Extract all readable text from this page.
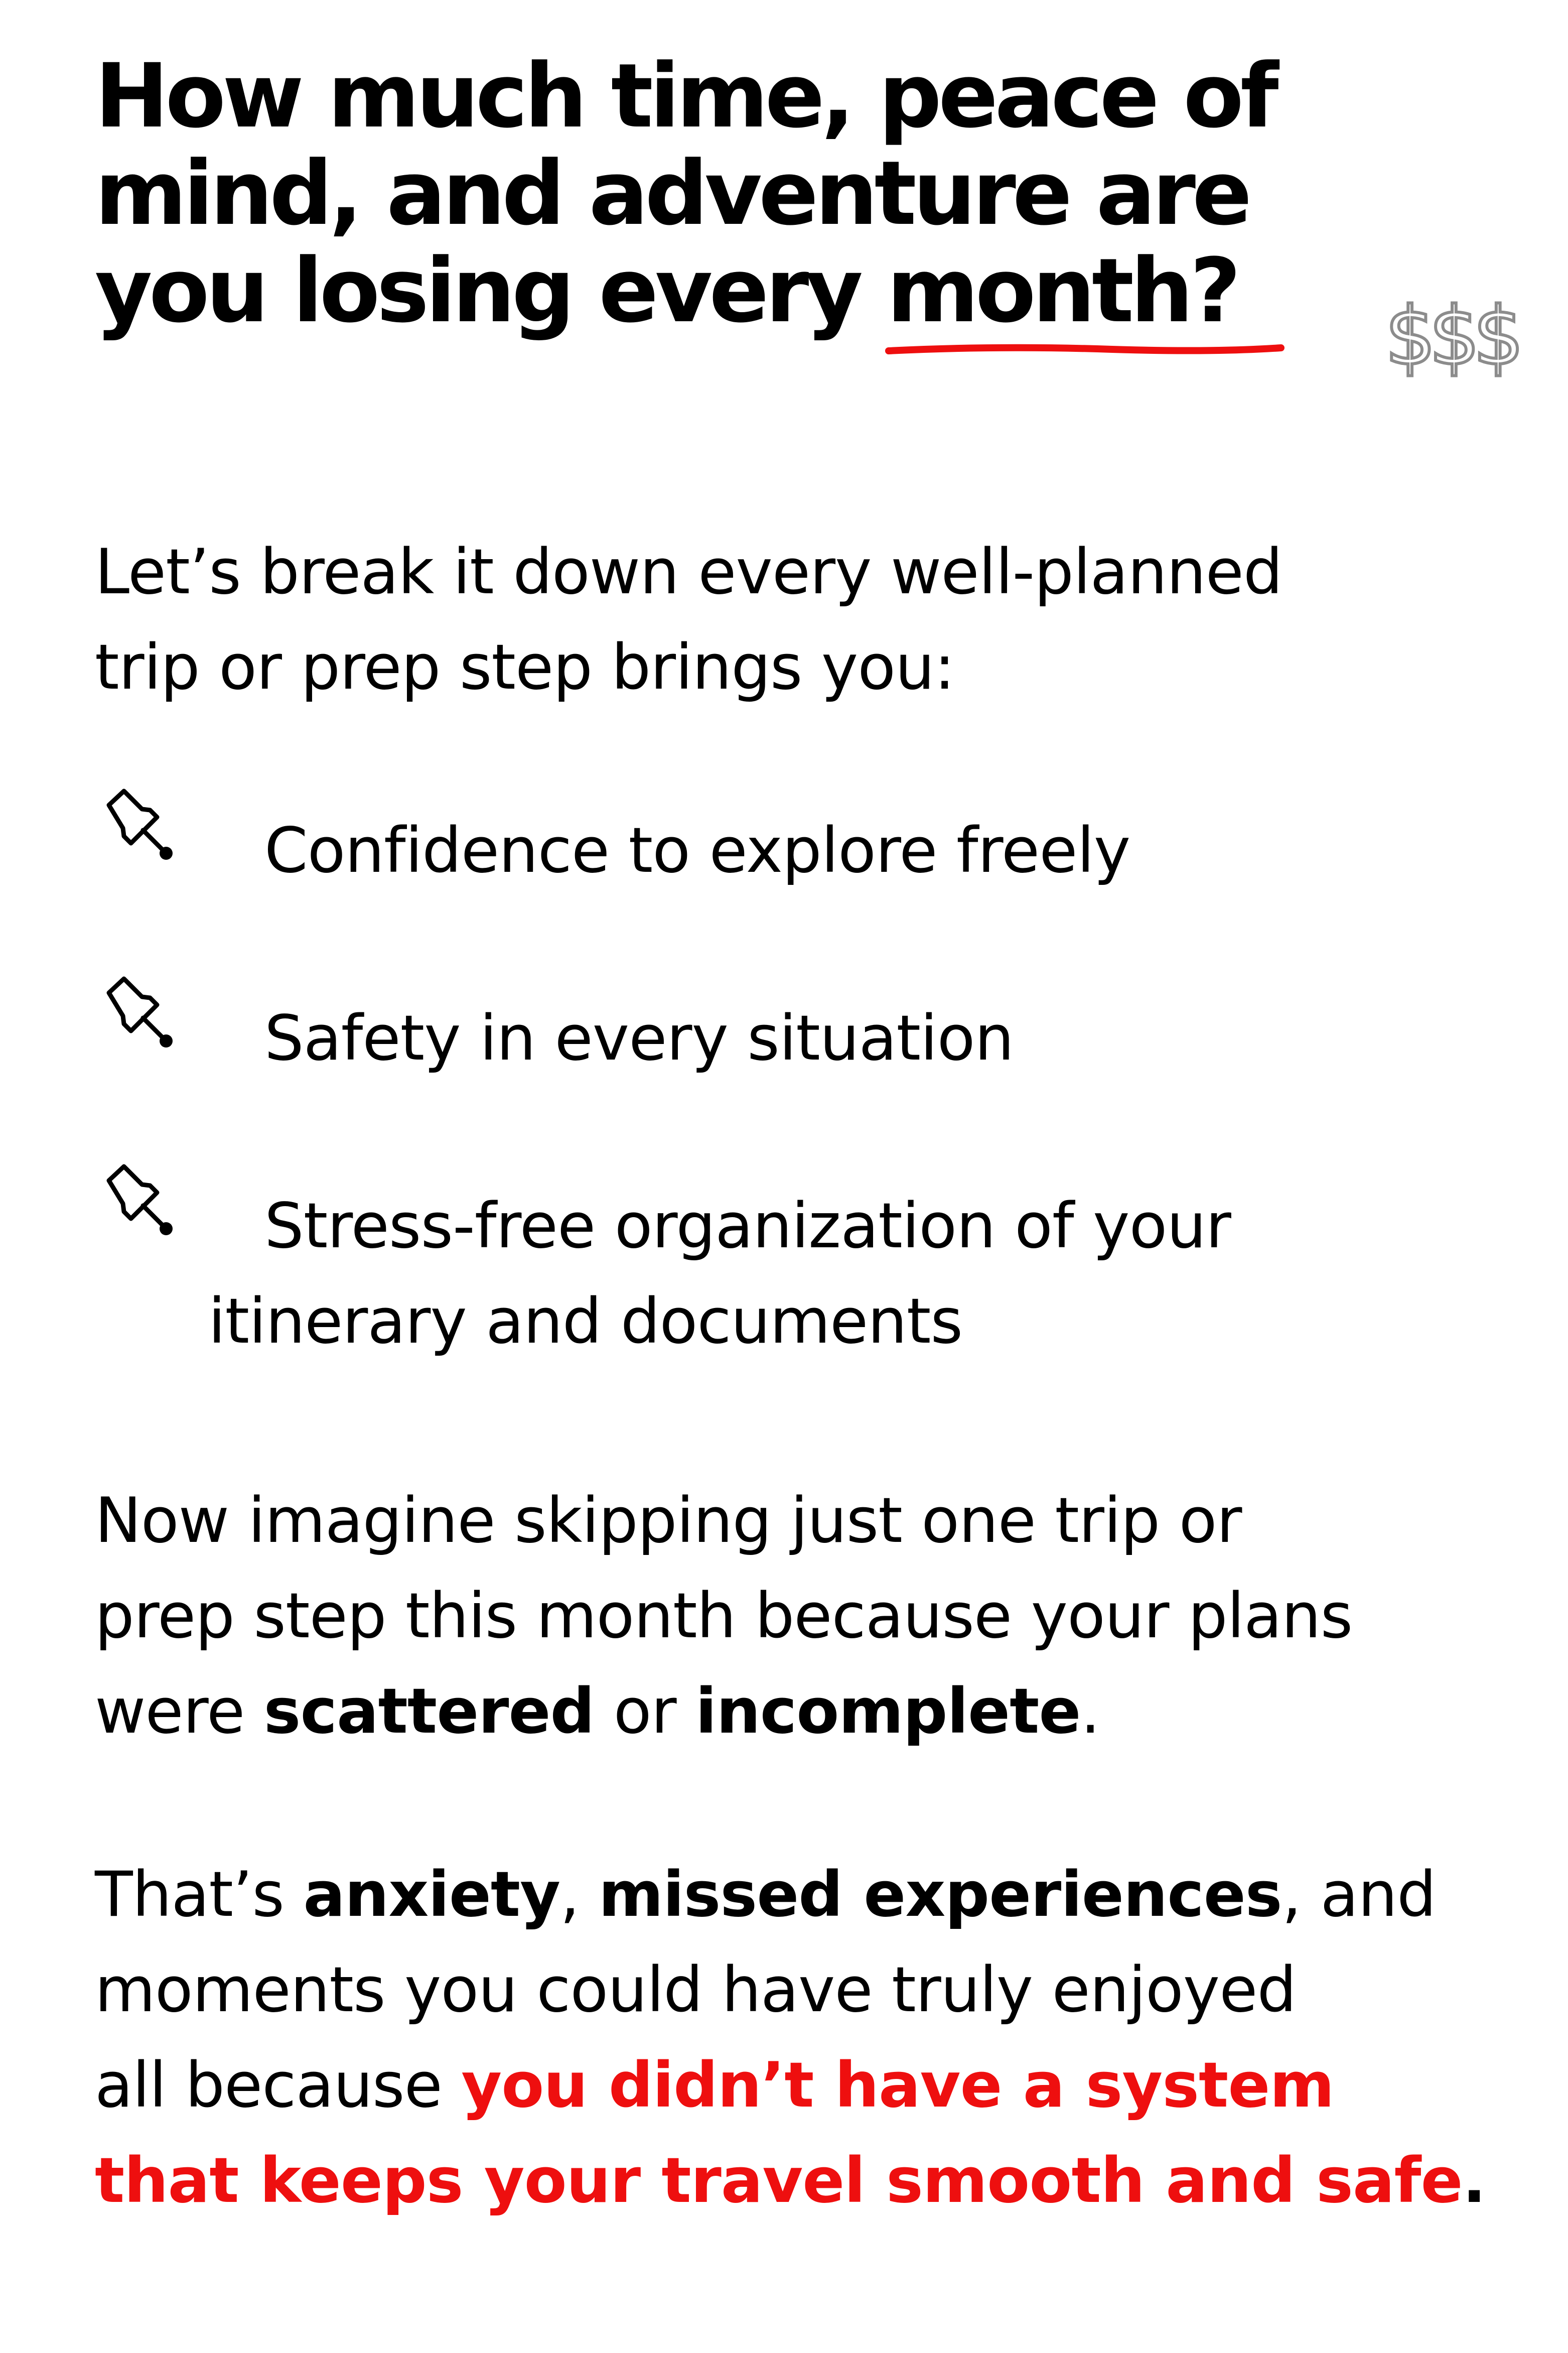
How much time, peace of
mind, and adventure are
you losing every month
?	$$$

Let’s break it down every well-planned
trip or prep step brings you:

Confidence to explore freely
Safety in every situation
Stress-free organization of your
itinerary and documents

Now imagine skipping just one trip or
prep step this month because your plans
were scattered or incomplete.

That’s anxiety, missed experiences, and
moments you could have truly enjoyed
all because you didn’t have a system
that keeps your travel smooth and safe.
